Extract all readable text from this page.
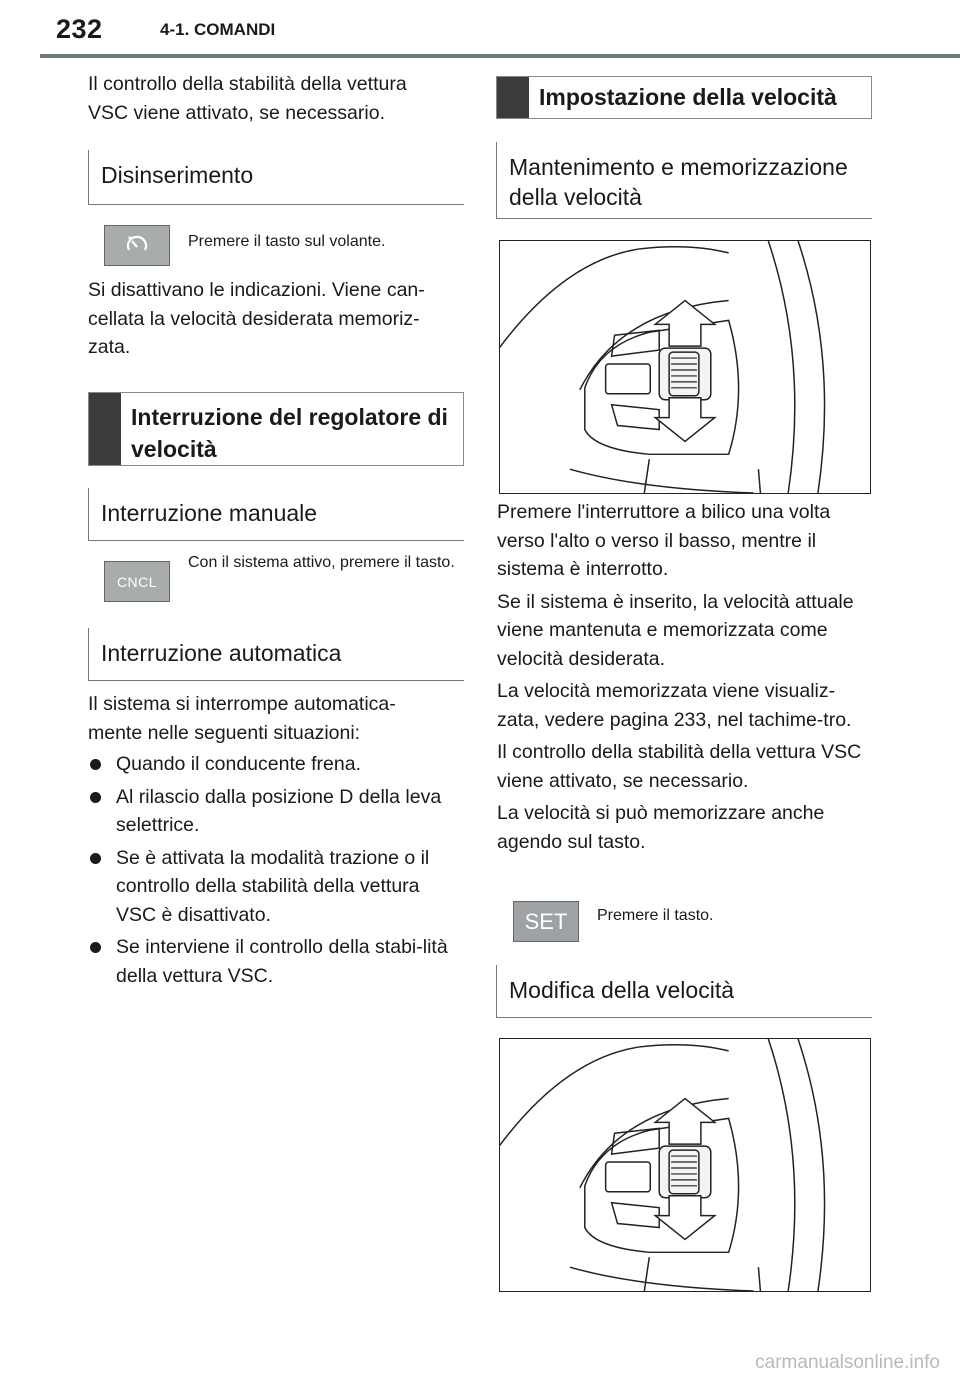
232	4-1. COMANDI

Il controllo della stabilità della vettura VSC viene attivato, se necessario.

Disinserimento
Premere il tasto sul volante.

Si disattivano le indicazioni. Viene can-cellata la velocità desiderata memoriz-zata.

Interruzione del regolatore di velocità
Interruzione manuale
CNCL
Con il sistema attivo, premere il tasto.
Interruzione automatica

Il sistema si interrompe automatica-mente nelle seguenti situazioni:

Quando il conducente frena.
Al rilascio dalla posizione D della leva selettrice.
Se è attivata la modalità trazione o il controllo della stabilità della vettura VSC è disattivato.
Se interviene il controllo della stabi-lità della vettura VSC.
Impostazione della velocità
Mantenimento e memorizzazione della velocità

Premere l'interruttore a bilico una volta verso l'alto o verso il basso, mentre il sistema è interrotto.

Se il sistema è inserito, la velocità attuale viene mantenuta e memorizzata come velocità desiderata.

La velocità memorizzata viene visualiz-zata, vedere pagina 233, nel tachime-tro.

Il controllo della stabilità della vettura VSC viene attivato, se necessario.

La velocità si può memorizzare anche agendo sul tasto.

SET Premere il tasto.
Modifica della velocità
carmanualsonline.info
